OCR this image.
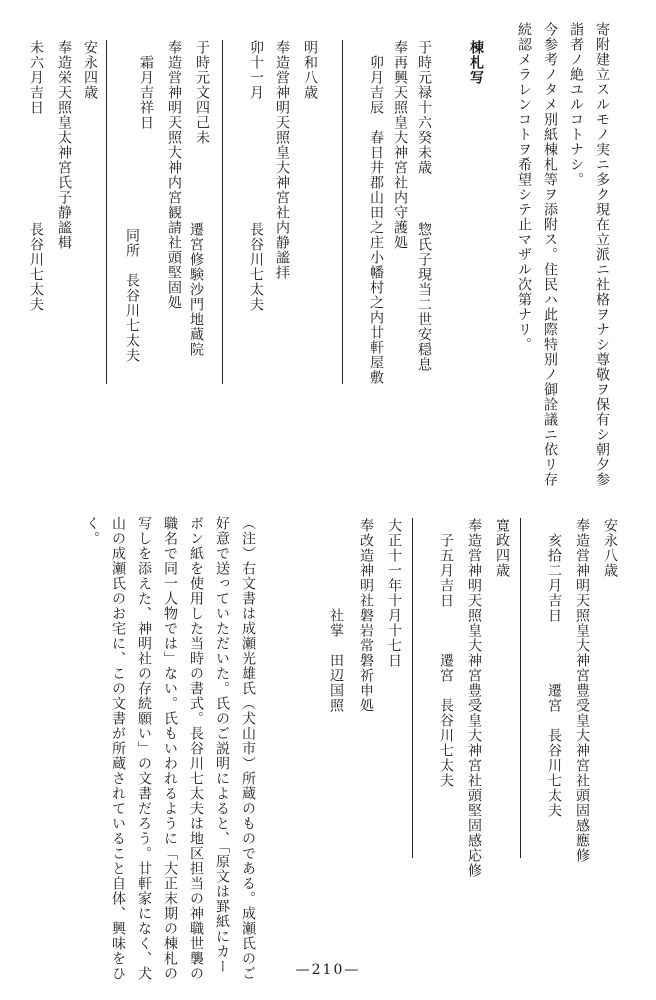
寄附建立スルモノ実ニ多ク現在立派ニ社格ヲナシ尊敬ヲ保有シ朝夕参
詣者ノ絶ユルコトナシ。
今参考ノタメ別紙棟札等ヲ添附ス。住民ハ此際特別ノ御詮議ニ依リ存
続認メラレンコトヲ希望シテ止マザル次第ナリ。
棟札写
于時元禄十六癸未歳
惣氏子現当二世安穏息
奉再興天照皇大神宮社内守護処
　卯月吉辰　春日井郡山田之庄小幡村之内廿軒屋敷
明和八歳
奉造営神明天照皇大神宮社内静謐拝
卯十一月
長谷川七太夫
于時元文四己未
遷宮修験沙門地蔵院
奉造営神明天照大神内宮観請社頭堅固処
　霜月吉祥日
同所　長谷川七太夫
安永四歳
奉造栄天照皇太神宮氏子静謐楫
未六月吉日
長谷川七太夫
安永八歳
奉造営神明天照皇大神宮豊受皇大神宮社頭固感應修
　亥拾二月吉日　　　　遷宮　長谷川七太夫
寛政四歳
奉造営神明天照皇大神宮豊受皇大神宮社頭堅固感応修
　子五月吉日　　　遷宮　長谷川七太夫
大正十一年十月十七日
奉改造神明社磐岩常磐祈申処
　　　　　　社掌　田辺国照
（注）右文書は成瀬光雄氏（犬山市）所蔵のものである。成瀬氏のご
好意で送っていただいた。氏のご説明によると、「原文は罫紙にカー
ボン紙を使用した当時の書式。長谷川七太夫は地区担当の神職世襲の
職名で同一人物では」ない。氏もいわれるように「大正末期の棟札の
写しを添えた、神明社の存続願い」の文書だろう。廿軒家になく、犬
山の成瀬氏のお宅に、この文書が所蔵されていること自体、興味をひ
く。
—210—
